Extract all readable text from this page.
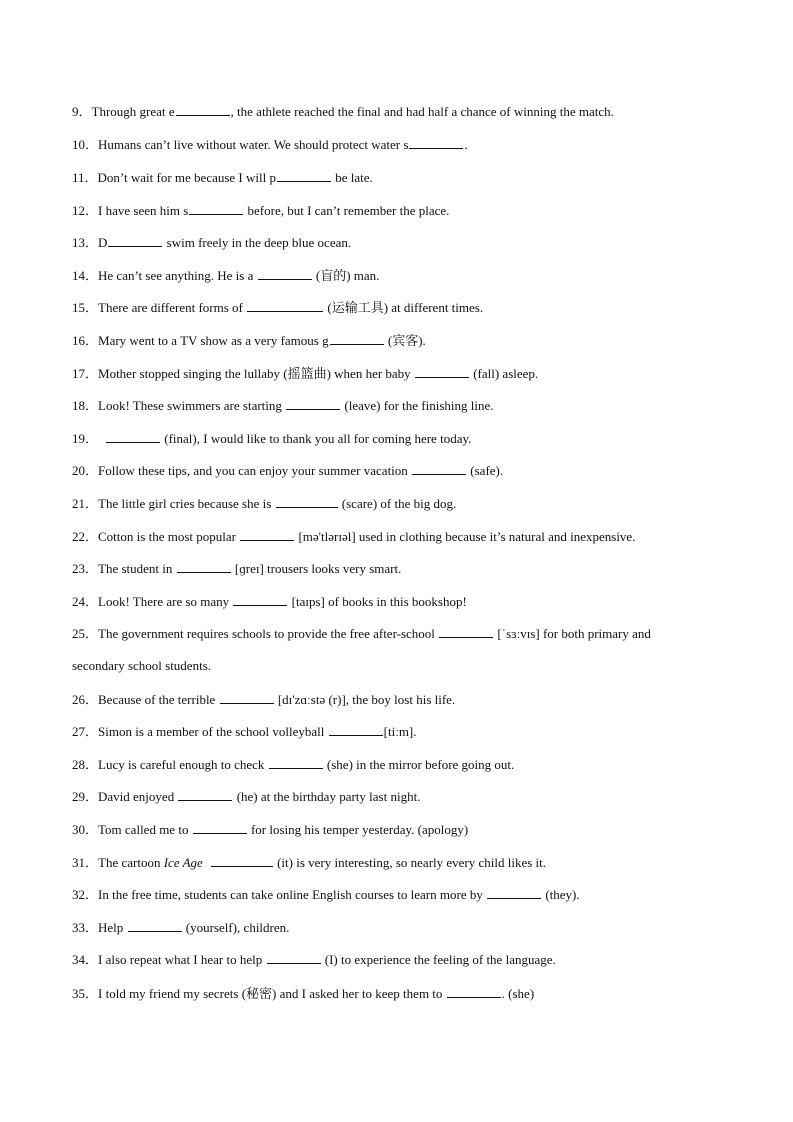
9．Through great e	, the athlete reached the final and had half a chance of winning the match.
10．Humans can’t live without water. We should protect water s	.
11．Don’t wait for me because I will p	be late.
12．I have seen him s	before, but I can’t remember the place.
13．D	swim freely in the deep blue ocean.
14．He can’t see anything. He is a	(盲的) man.
15．There are different forms of	(运输工具) at different times.
16．Mary went to a TV show as a very famous g	(宾客).
17．Mother stopped singing the lullaby (摇篮曲) when her baby	(fall) asleep.
18．Look! These swimmers are starting	(leave) for the finishing line.
19．	(final), I would like to thank you all for coming here today.
20．Follow these tips, and you can enjoy your summer vacation	(safe).
21．The little girl cries because she is	(scare) of the big dog.
22．Cotton is the most popular	[mə'tlərɪəl] used in clothing because it’s natural and inexpensive.
23．The student in	[ɡreɪ] trousers looks very smart.
24．Look! There are so many	[taɪps] of books in this bookshop!
25．The government requires schools to provide the free after-school	[ˈsɜːvɪs] for both primary and
secondary school students.
26．Because of the terrible	[dɪ'zɑːstə (r)], the boy lost his life.
27．Simon is a member of the school volleyball	[tiːm].
28．Lucy is careful enough to check	(she) in the mirror before going out.
29．David enjoyed	(he) at the birthday party last night.
30．Tom called me to	for losing his temper yesterday. (apology)
31．The cartoon Ice Age	(it) is very interesting, so nearly every child likes it.
32．In the free time, students can take online English courses to learn more by	(they).
33．Help	(yourself), children.
34．I also repeat what I hear to help	(I) to experience the feeling of the language.
35．I told my friend my secrets (秘密) and I asked her to keep them to	. (she)
